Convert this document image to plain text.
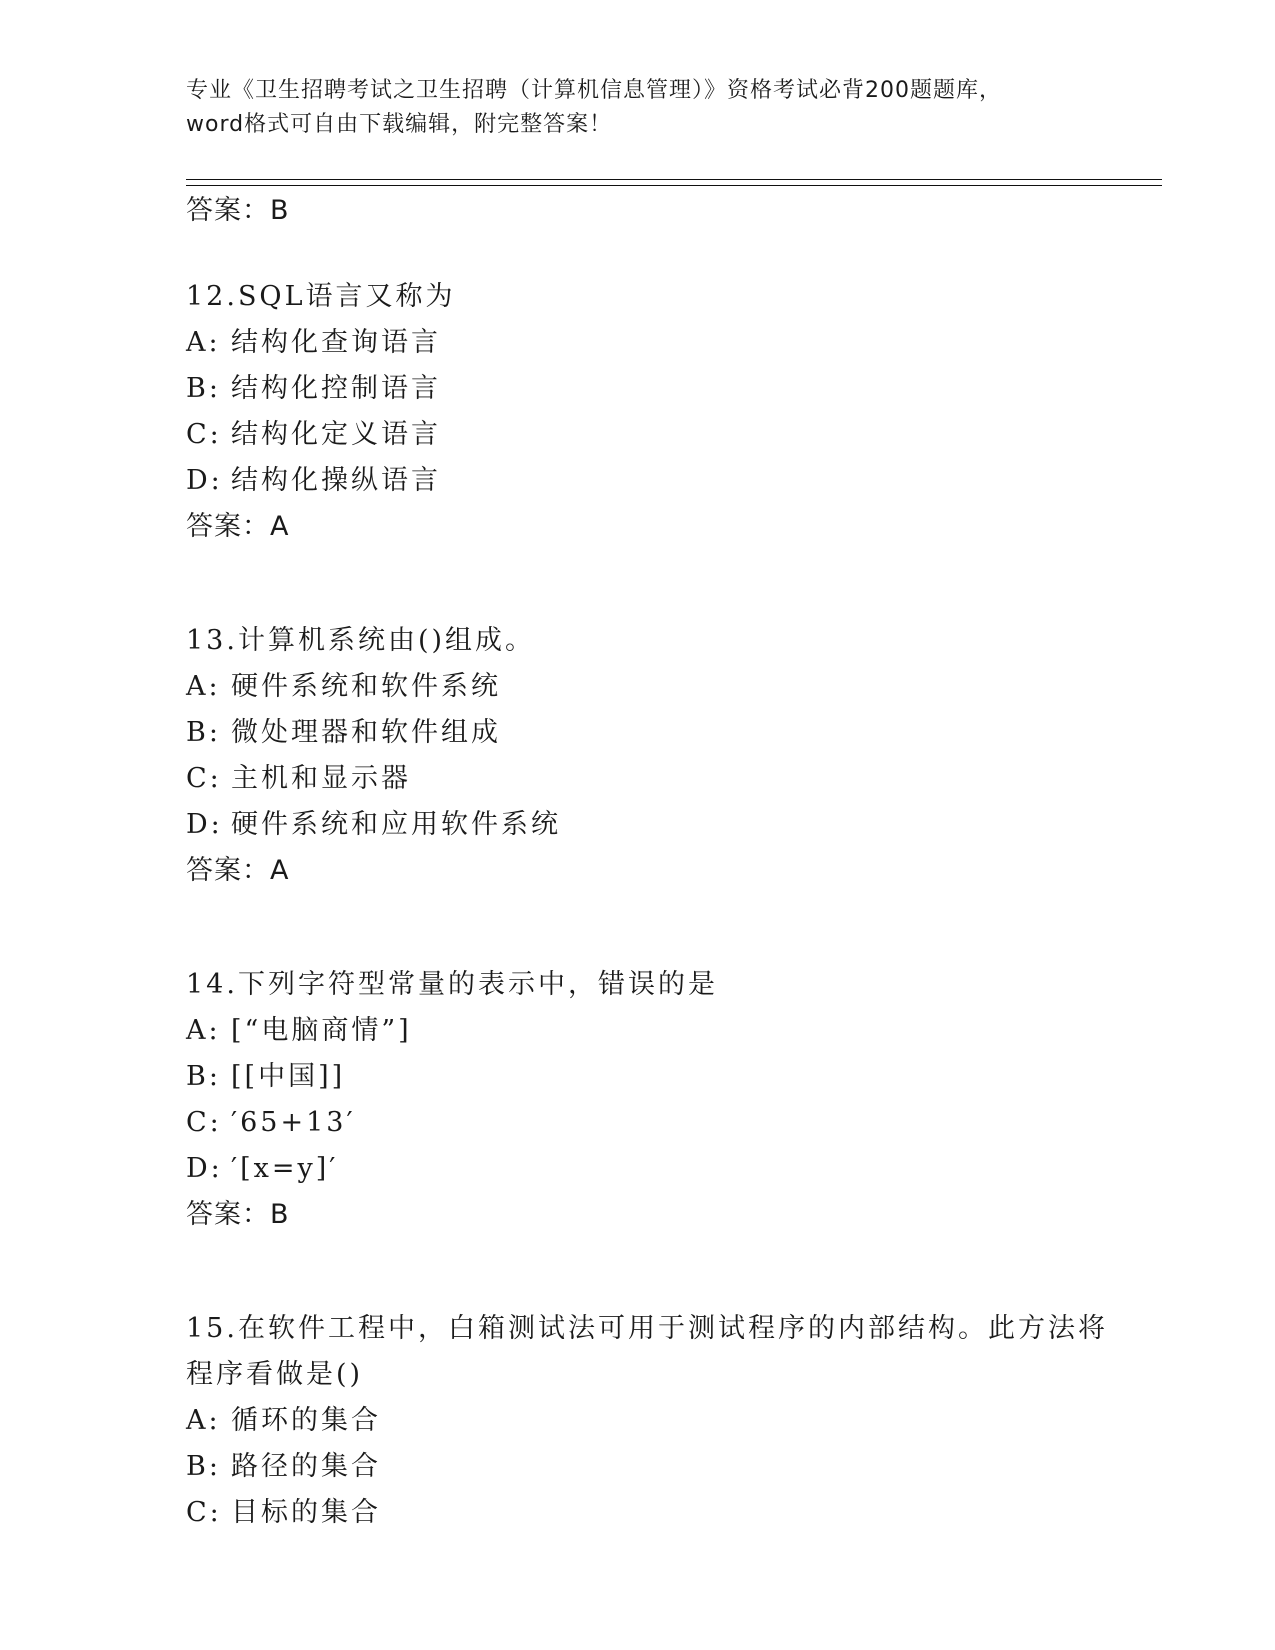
专业《卫生招聘考试之卫生招聘（计算机信息管理）》资格考试必背200题题库，
word格式可自由下载编辑，附完整答案！
答案：B
12.SQL语言又称为
A: 结构化查询语言
B: 结构化控制语言
C: 结构化定义语言
D: 结构化操纵语言
答案：A
13.计算机系统由()组成。
A: 硬件系统和软件系统
B: 微处理器和软件组成
C: 主机和显示器
D: 硬件系统和应用软件系统
答案：A
14.下列字符型常量的表示中，错误的是
A: [“电脑商情”]
B: [[中国]]
C: ′65+13′
D: ′[x=y]′
答案：B
15.在软件工程中，白箱测试法可用于测试程序的内部结构。此方法将
程序看做是()
A: 循环的集合
B: 路径的集合
C: 目标的集合
